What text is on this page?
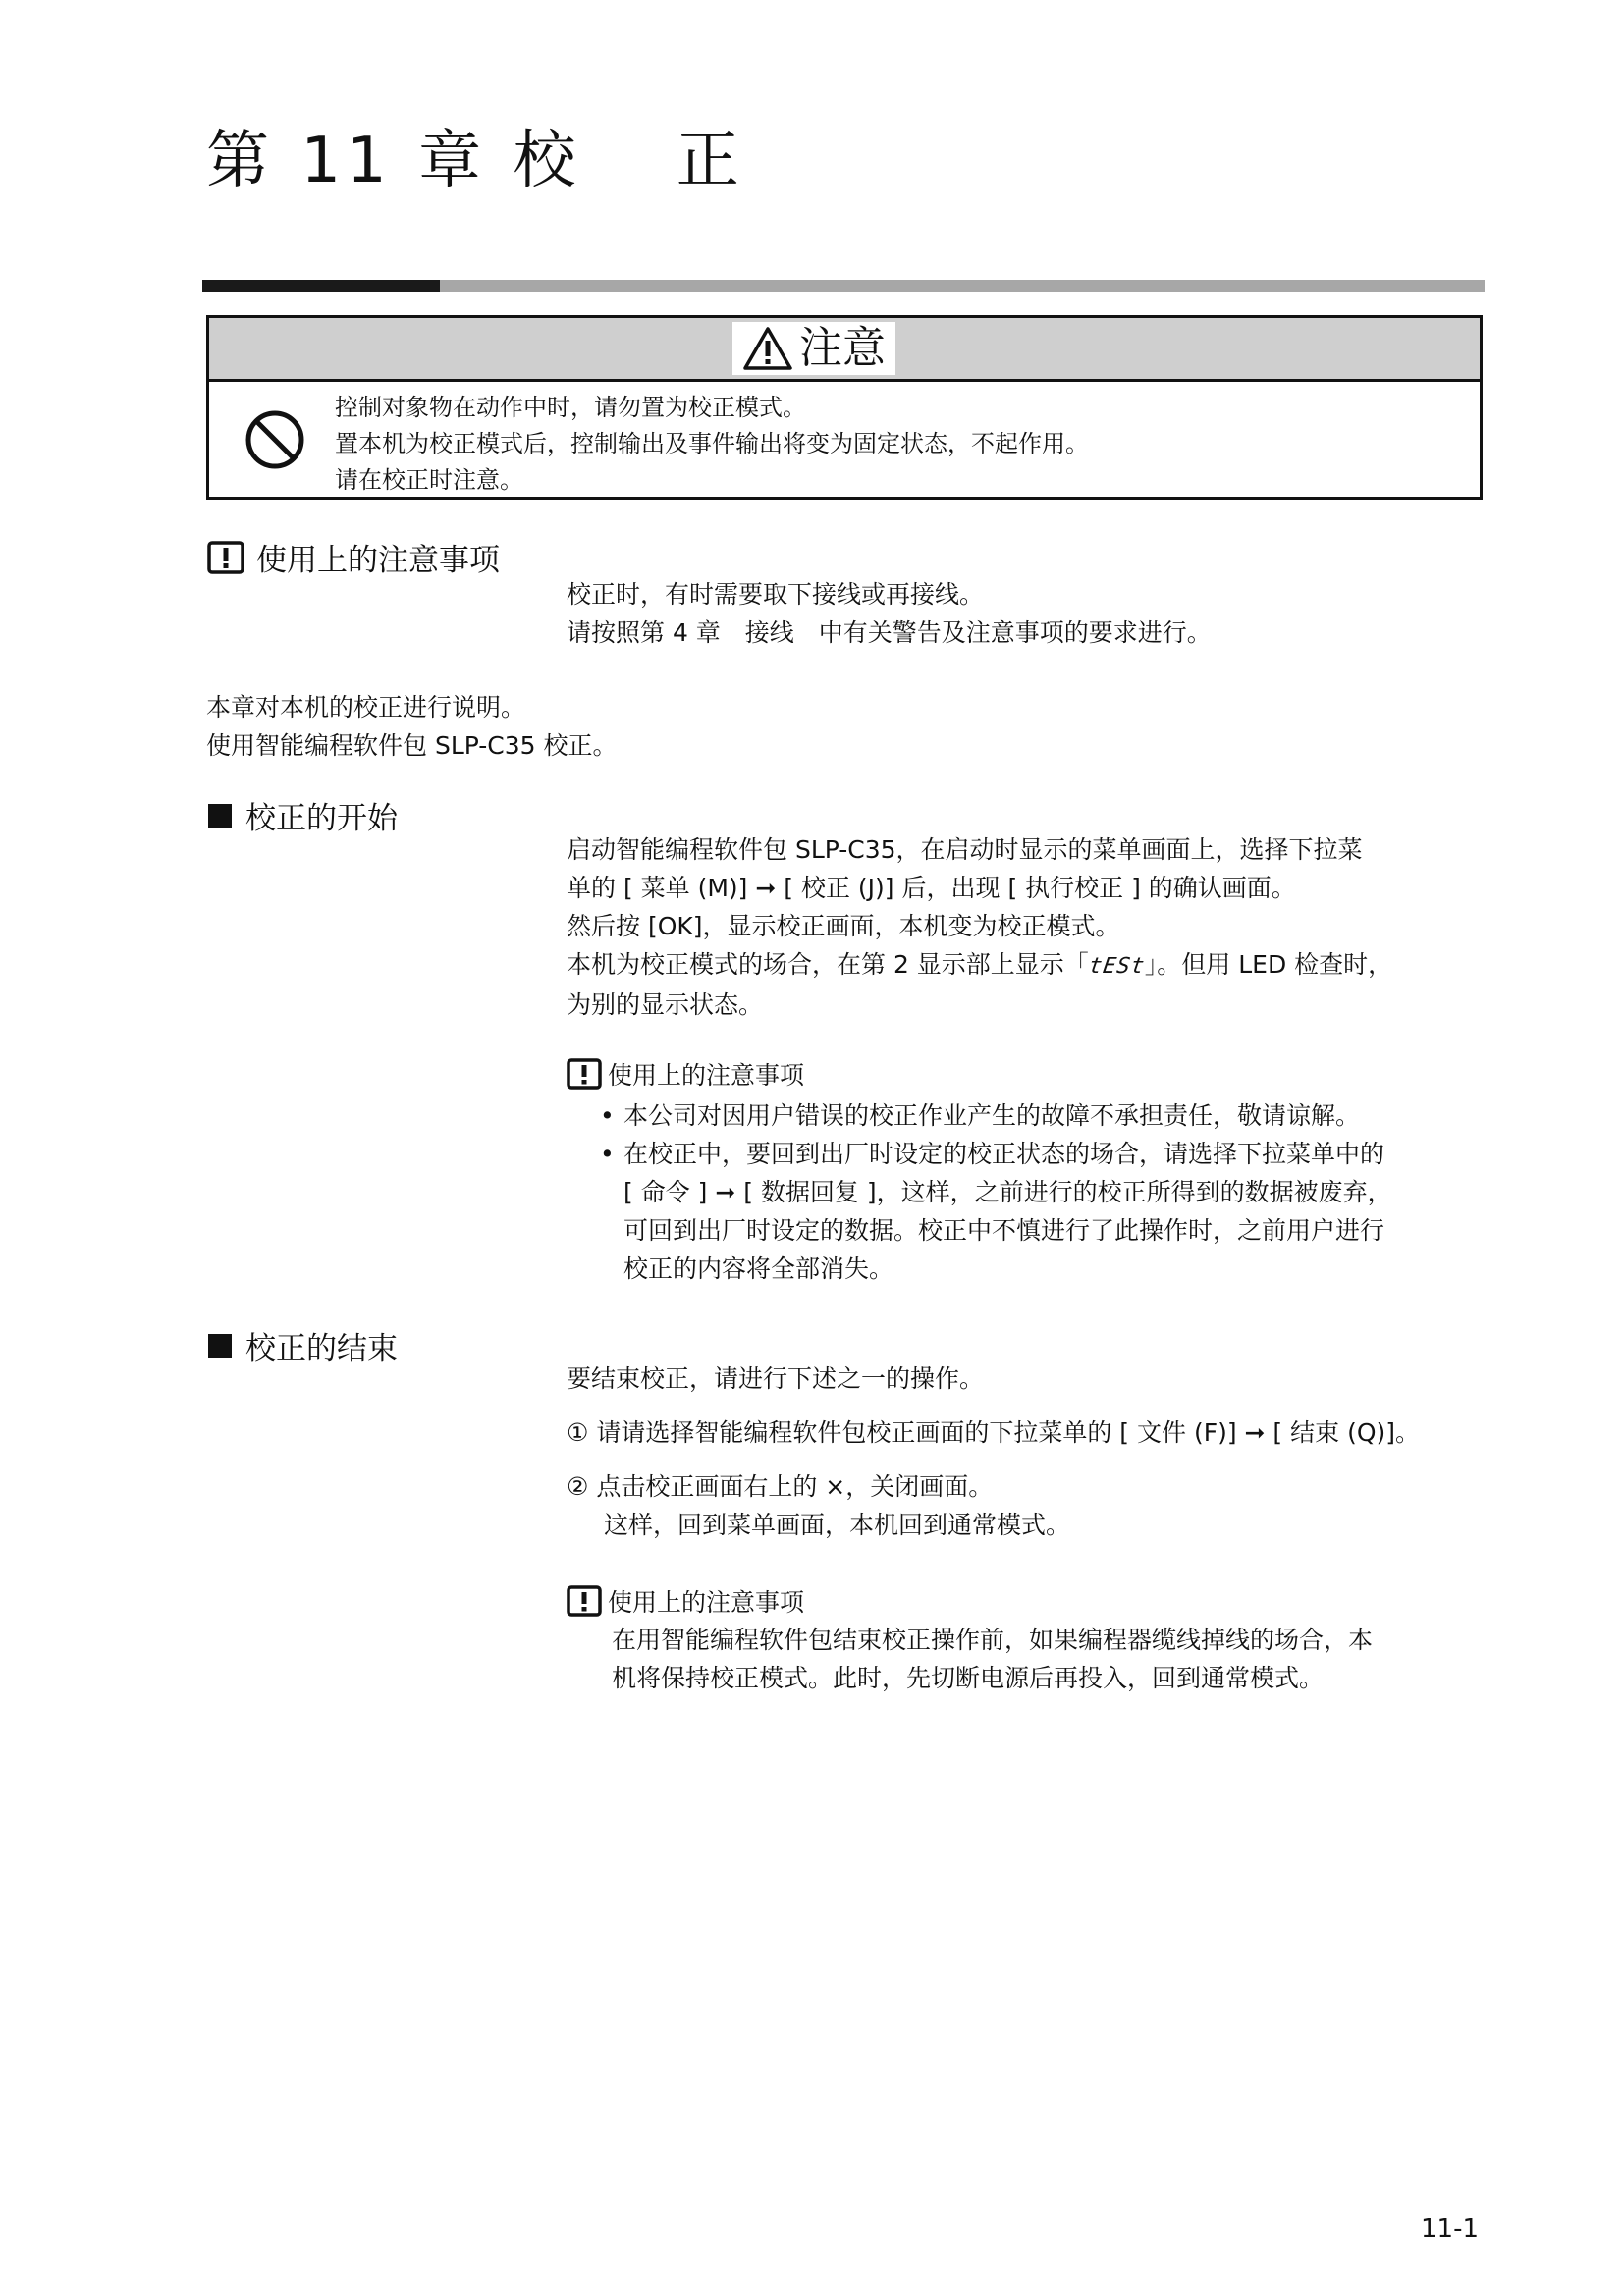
第 11 章 校　 正
注意
控制对象物在动作中时，请勿置为校正模式。
置本机为校正模式后，控制输出及事件输出将变为固定状态，不起作用。
请在校正时注意。
使用上的注意事项
校正时，有时需要取下接线或再接线。
请按照第 4 章　接线　中有关警告及注意事项的要求进行。
本章对本机的校正进行说明。
使用智能编程软件包 SLP-C35 校正。
校正的开始
启动智能编程软件包 SLP-C35，在启动时显示的菜单画面上，选择下拉菜
单的 [ 菜单 (M)] ➞ [ 校正 (J)] 后，出现 [ 执行校正 ] 的确认画面。
然后按 [OK]，显示校正画面，本机变为校正模式。
本机为校正模式的场合，在第 2 显示部上显示「tESt」。但用 LED 检查时，
为别的显示状态。
使用上的注意事项
• 本公司对因用户错误的校正作业产生的故障不承担责任，敬请谅解。
• 在校正中，要回到出厂时设定的校正状态的场合，请选择下拉菜单中的
[ 命令 ] ➞ [ 数据回复 ]，这样，之前进行的校正所得到的数据被废弃，
可回到出厂时设定的数据。校正中不慎进行了此操作时，之前用户进行
校正的内容将全部消失。
校正的结束
要结束校正，请进行下述之一的操作。
① 请请选择智能编程软件包校正画面的下拉菜单的 [ 文件 (F)] ➞ [ 结束 (Q)]。
② 点击校正画面右上的 ×，关闭画面。
这样，回到菜单画面，本机回到通常模式。
使用上的注意事项
在用智能编程软件包结束校正操作前，如果编程器缆线掉线的场合，本
机将保持校正模式。此时，先切断电源后再投入，回到通常模式。
11-1
